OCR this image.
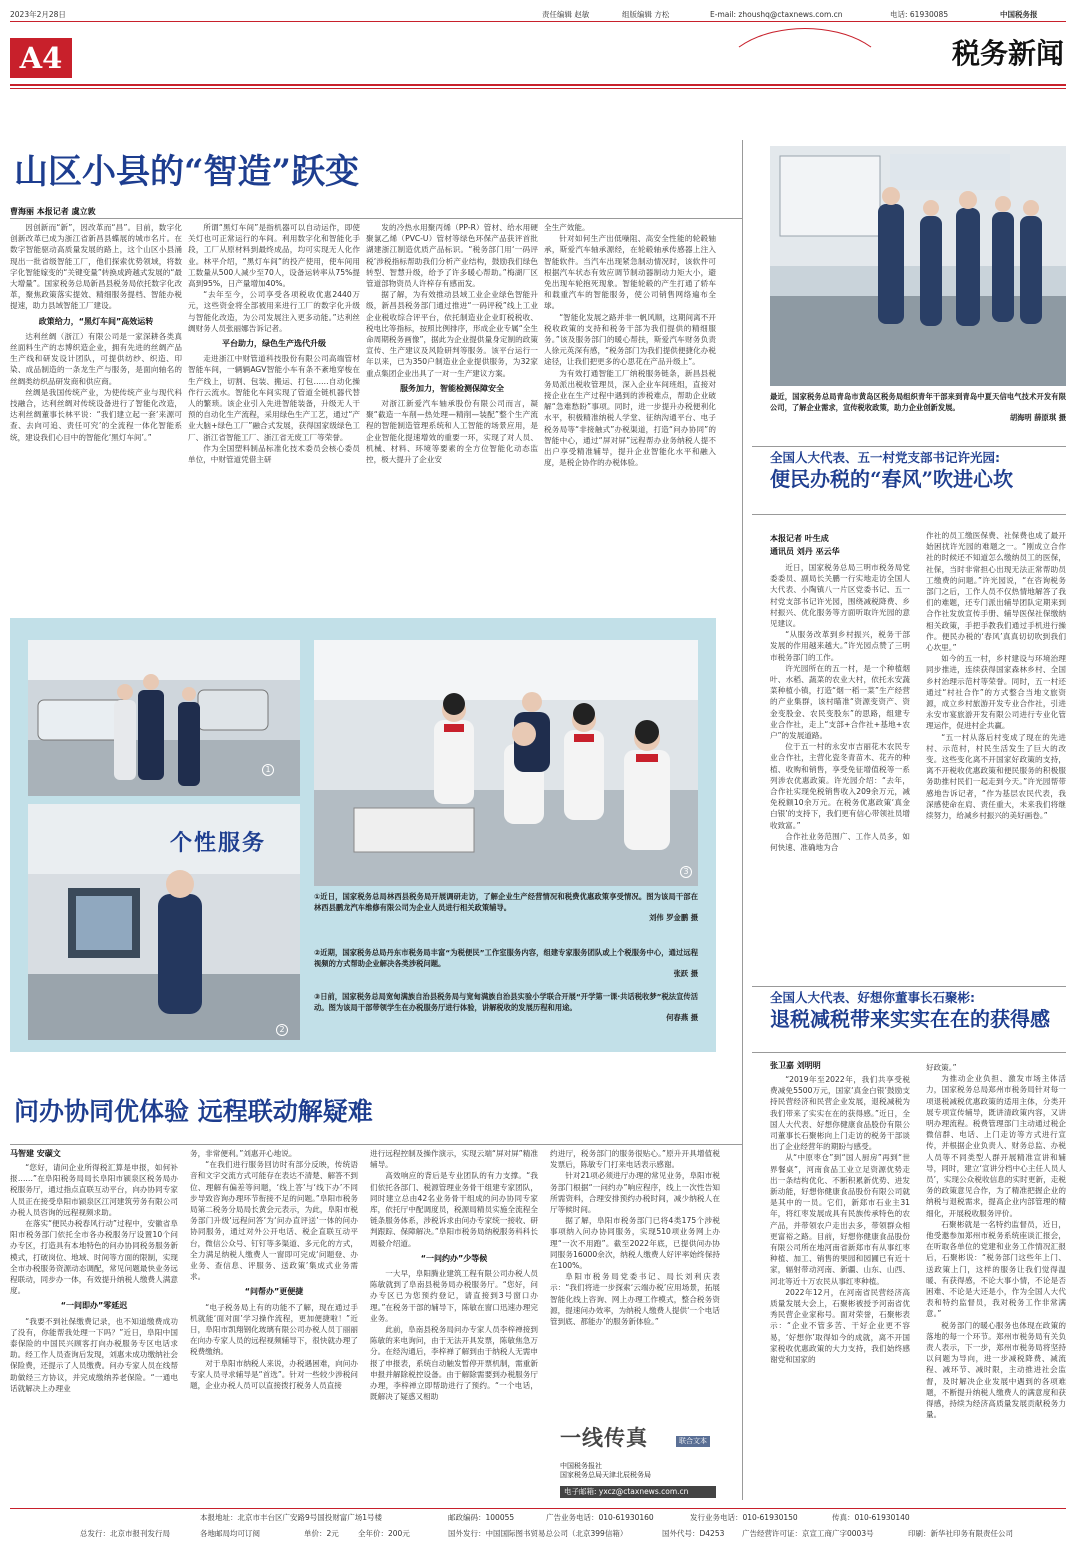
2023年2月28日	责任编辑 赵敏	组版编辑 方松	E-mail: zhoushq@ctaxnews.com.cn	电话: 61930085	中国税务报
A4	税务新闻
山区小县的“智造”跃变
曹海丽 本报记者 虞立敦

因创新而“新”，因改革而“昌”。目前，数字化创新改革已成为浙江省新昌县蝶展的城市名片。在数字智能驱动高质量发展的路上，这个山区小县涌现出一批省级智能工厂，他们探索优势领域，将数字化智能嫁变的“关键变量”转换成跨越式发展的“最大增量”。国家税务总局新昌县税务局依托数字化改革，聚焦政策落实提效、精细服务提档、智能办税提速，助力县域智能工厂建设。

政策给力，“黑灯车间”高效运转

达利丝绸（浙江）有限公司是一家深耕各类真丝面料生产的志博织造企业，拥有先进的丝绸产品生产线和研发设计团队，可提供纺纱、织造、印染、成品制造的一条龙生产与服务，是面向轴名的丝绸类纺织品研发商和供应商。

丝绸是我国传统产业，为使传统产业与现代科技融合，达利丝绸对传统设备进行了智能化改造，达利丝绸董事长林平说：“我们建立起一套‘来源可查、去向可追、责任可究’的全流程一体化智能系统，建设我们心目中的智能化‘黑灯车间’。”

所谓“黑灯车间”是指机器可以自动运作，即使关灯也可正常运行的车间。利用数字化和智能化手段，工厂从原材料到最终成品，均可实现无人化作业。林平介绍，“黑灯车间”的投产使用，使车间用工数量从500人减少至70人，设备运转率从75%提高到95%，日产量增加40%。

“去年至今，公司享受各项税收优惠2440万元，这些资金将全部被用来进行工厂的数字化升级与智能化改造，为公司发展注入更多动能。”达利丝绸财务人员张丽娜告诉记者。

平台助力，绿色生产选代升级

走进浙江中财管道科技股份有限公司高端管材智能车间，一辆辆AGV智能小车有条不紊地穿梭在生产线上，切割、包装、搬运、打包……自动化操作行云流水。智能化车间实现了管道全链机器代替人的繁琐。该企业引入先进智能装备，升级无人干预的自动化生产流程，采用绿色生产工艺，通过“产业大脑+绿色工厂”融合式发展，获得国家级绿色工厂、浙江省智能工厂、浙江省无废工厂等荣誉。

作为全国塑料制品标准化技术委员会核心委员单位，中财管道凭借主研

发的冷热水用聚丙烯（PP-R）管材、给水用硬聚氯乙烯（PVC-U）管材等绿色环保产品获评首批湖建浙江制造优质产品标识。“税务部门用‘一码评税’涉税指标帮助我们分析产业结构，鼓励我们绿色转型、智慧升级，给予了许多暖心帮助。”梅湖厂区管道部物资员人许梓存有感而发。

据了解，为有效推动县域工业企业绿色智能升级，新昌县税务部门通过推进“一码评税”线上工业企业税收综合评平台，依托制造业企业盯税税收、税电比等指标，按照比例排序，形成企业专属“全生命周期税务画像”，据此为企业提供量身定制的政策宣传、生产建议及风险研判等服务。该平台运行一年以来，已为350户制造业企业提供服务，为32家重点集团企业出具了一对一生产建议方案。

服务加力，智能检测保障安全

对浙江新爱汽车轴承股份有限公司而言，凝聚“截造一车削—热处理—精削—装配”整个生产流程的智能制造管理系统和人工智能的场景应用，是企业智能化提速增效的重要一环，实现了对人员、机械、材料、环境等要素的全方位智能化动态监控，极大提升了企业安

全生产效能。

针对如何生产出低噪阻、高安全性能的轮毂轴承，斯爱汽车轴承源经，在轮毂轴承传感器上注入智能软件。当汽车出现紧急制动情况时，该软件可根据汽车状态有效应调节制动器制动力矩大小，避免出现车轮抱死现象。智能轮毂的产生打通了轿车和载重汽车的智能服务，使公司销售网络遍布全球。

“智能化发展之路并非一帆风顺，这期间离不开税收政策的支持和税务干部为我们提供的精细服务。”该及服务部门的暖心帮扶，斯爱汽车财务负责人徐元英深有感，“税务部门为我们提供便捷化办税途径，让我们把更多的心思花在产品升级上”。

为有效打通智能工厂纳税服务链条，新昌县税务局派出税收管理员，深入企业车间班组，直接对接企业在生产过程中遇到的涉税难点，帮助企业破解“急难愁盼”事项。同时，进一步提升办税便利化水平，积极精准纳税人学堂、征纳沟通平台、电子税务局等“非接触式”办税渠道，打造“问办协同”的智能中心，通过“屏对屏”远程帮办业务纳税人提不出户享受精准辅导，提升企业智能化水平和融入度，是税企协作的办税体验。

最近，国家税务总局青岛市黄岛区税务局组织青年干部来到青岛中夏天信电气技术开发有限公司，了解企业需求，宣传税收政策，助力企业创新发展。
胡海明 薛原琪 摄
全国人大代表、五一村党支部书记许光园:
便民办税的“春风”吹进心坎
本报记者 叶生成
通讯员 刘丹 巫云华

近日，国家税务总局三明市税务局党委委员、副局长关鹏一行实地走访全国人大代表、小陶镇八一片区党委书记、五一村党支部书记许光园，围绕减税降费、乡村振兴、优化服务等方面听取许光园的意见建议。

“从服务改革到乡村振兴，税务干部发展的作用越来越大。”许光园点赞了三明市税务部门的工作。

许光园所在的五一村，是一个种植烟叶、水稻、蔬菜的农业大村，依托永安蔬菜种植小镇，打造“烟一稻一菜”生产经营的产业集群，该村瞄准“资源变资产、资金变股金、农民变股东”的思路，组建专业合作社，走上“支部+合作社+基地+农户”的发展道路。

位于五一村的永安市吉丽花木农民专业合作社，主营化瓷冬青苗木、花卉的种植、收购和销售，享受免征增值税等一系列涉农优惠政策。许光园介绍：“去年，合作社实现免税销售收入209余万元，减免税额10余万元。在税务优惠政策‘真金白银’的支持下，我们更有信心带领社员增收致富。”

合作社业务范围广、工作人员多，如何快速、准确地为合

作社的员工缴医保费、社保费也成了最开始困扰许光园的难题之一。“刚成立合作社的时候还不知道怎么缴纳员工的医保，社保，当时非常担心出现无法正常帮助员工缴费的问题。”许光园说，“在咨询税务部门之后，工作人员不仅热情地解答了我们的难题，还专门派出辅导团队定期来到合作社发放宣传手册、辅导医保社保缴纳相关政策，手把手教我们通过手机进行操作。便民办税的‘春风’真真切切吹到我们心坎里。”

如今的五一村，乡村建设与环境治理同步推进，连续获得国家森林乡村、全国乡村治理示范村等荣誉。同时，五一村还通过“村社合作”的方式整合当地文旅资源，成立乡村旅游开发专业合作社，引进永安市宴旅游开发有限公司进行专业化管理运作，促进村企共赢。

“五一村从落后村变成了现在的先进村、示范村，村民生活发生了巨大的改变。这些变化离不开国家好政策的支持，离不开税收优惠政策和便民服务的积极服务助推村民们一起走到今天。”许光园帮带感地告诉记者，“作为基层农民代表，我深感使命在肩、责任重大，未来我们将继续努力，给减乡村振兴的美好画卷。”

全国人大代表、好想你董事长石聚彬:
退税减税带来实实在在的获得感
张卫嘉 刘明明

“2019年至2022年，我们共享受税费减免5500万元，国家‘真金白银’鼓励支持民营经济和民营企业发展，退税减税为我们带来了实实在在的获得感。”近日，全国人大代表、好想你健康食品股份有限公司董事长石聚彬向上门走访的税务干部谈出了企业经营年的期盼与感受。

从“中原枣仓”到“国人厨房”再到“世界餐桌”，河南食品工业立足资源优势走出一条结构优化、不断积累新优势、进发新动能，好想你健康食品股份有限公司就是其中的一员。它们，新郑市石业主31年，将红枣发展成具有民族传承特色的农产品，并带领农户走出去多，带领群众相更富裕之路。目前，好想你健康食品股份有限公司所在地河南省新郑市有从事红枣种植、加工、销售的果园和园圃已有近十家，辐射带动河南、新疆、山东、山西、河北等近十万农民从事红枣种植。

2022年12月，在河南省民营经济高质量发展大会上，石聚彬被授予河南省优秀民营企业家称号。面对荣誉，石聚彬表示：“企业不管多苦、干好企业更不容易，‘好想你’取得如今的成就，离不开国家税收优惠政策的大力支持，我们始终感谢党和国家的

好政策。”

为推动企业负担、激发市场主体活力，国家税务总局郑州市税务局针对每一项退税减税优惠政策的适用主体，分类开展专项宣传辅导，既讲清政策内容，又讲明办理流程。税费管理部门主动通过税企微信群、电话、上门走访等方式进行宣传，并根据企业负责人、财务总监、办税人员等不同类型人群开展精准宣讲和辅导，同时，建立‘宣讲分档中心主任人员人员’，实现公众税收信息的实时更新，走税务的政策意见合作，为了精准把握企业的纳税与退税需求，提高企业内部管理的精细化，开展税收服务评价。

石聚彬就是一名特约监督员，近日，他受邀参加郑州市税务系统座谈汇报会，在听取各单位的党建和业务工作情况汇报后，石聚彬说：“税务部门这些年上门、送政策上门，这样的服务让我们觉得温暖、有获得感，不论大事小情，不论是否困难、不论是大还是小，作为全国人大代表和特约监督员，我对税务工作非常满意。”

税务部门的暖心服务也体现在政策的落地的每一个环节。郑州市税务局有关负责人表示，下一步，郑州市税务局将坚持以问题为导向，进一步减税降费、减流程、减环节、减时限，主动推进社会监督，及时解决企业发展中遇到的各项难题，不断提升纳税人缴费人的满意度和获得感，持续为经济高质量发展贡献税务力量。

1
个性服务
2
3
①近日，国家税务总局林西县税务局开展调研走访，了解企业生产经营情况和税费优惠政策享受情况。图为该局干部在林西县鹏龙汽车维修有限公司为企业人员进行相关政策辅导。
刘伟 罗金鹏 摄
②近期，国家税务总局丹东市税务局丰富“为税便民”工作室服务内容，组建专家服务团队或上个税服务中心，通过远程视频的方式帮助企业解决各类涉税问题。
张跃 摄
③日前，国家税务总局宽甸满族自治县税务局与宽甸满族自治县实验小学联合开展“开学第一课·共话税收梦”税法宣传活动。图为该局干部带领学生在办税服务厅进行体验，讲解税收的发展历程和用途。
何春燕 摄
问办协同优体验 远程联动解疑难
马智建 安碳文

“您好，请问企业所得税汇算是申报，如何补报……”在阜阳税务局局长阜阳市颍泉区税务局办税服务厅，通过指点直联互动平台，向办协同专家人员正在接受阜阳市颍泉区江河建筑劳务有限公司办税人员咨询的远程视频求助。

在落实“便民办税春风行动”过程中，安徽省阜阳市税务部门依托全市各办税服务厅设置10个问办专区，打造具有本地特色的问办协同税务服务新模式，打破岗位、地域、时间等方面的限制，实现全市办税服务资源动态调配，常见问题最快业务远程联动，同步办一体，有效提升纳税人缴费人满意度。

“一问即办”零延迟

“我要不到社保缴费记录，也不知道缴费成功了没有，你能帮我处理一下吗？”近日，阜阳中国泰保险的中国民兴顾客打向办税服务专区电话求助。经工作人员查询后发现，刘惠未成功缴纳社会保险费，还提示了人员缴费。问办专家人员在线帮助做经三方协议，并完成缴纳养老保险。“一通电话就解决上办理业

务，非常便利。”刘惠开心地说。

“在我们进行服务回访时有部分反映，传统语音和文字交流方式可能存在表达不清楚、解答不到位、理解有偏差等问题，‘线上答’与‘线下办’不同步导致咨询办理环节衔接不足的问题。”阜阳市税务局第二税务分局局长黄会元表示，为此，阜阳市税务部门升级‘远程问答’为‘问办直评送’一体的问办协同服务，通过对外公开电话、税企直联互动平台，微信公众号、钉钉等多渠道、多元化的方式，全力满足纳税人缴费人一窗即可完成‘问题登、办业务、查信息、评服务、送政策’集成式业务需求。

“问帮办”更便捷

“电子税务局上有的功能不了解，现在通过手机就能‘面对面’学习操作流程，更加便捷啦！”近日，阜阳市凯翔钢化玻璃有限公司办税人员丁丽丽在向办专家人员的远程视频辅导下，很快就办理了税费缴纳。

对于阜阳市纳税人来说，办税遇困难，向问办专家人员寻求辅导是“首选”。针对一些较少涉税问题，企业办税人员可以直接拨打税务人员直接

进行远程控制及操作演示，实现云端“屏对屏”精准辅导。

高效响应的背后是专业团队的有力支撑。“我们依托各部门、税源管理业务骨干组建专家团队，同时建立总由42名业务骨干组成的问办协同专家库，依托厅中配调度员，税源局精员实施全流程全链条服务体系，涉税诉求由问办专家统一接收、研判跟踪、保障解决。”阜阳市税务局纳税服务科科长周毅介绍道。

“一问约办”少等候

一大早，阜阳腾业建筑工程有限公司办税人员陈敏就到了阜南县税务局办税服务厅。“您好，问办专区已为您预约登记，请直接到3号窗口办理。”在税务干部的辅导下，陈敏在窗口迅速办理完业务。

此前，阜南县税务局问办专家人员李梓禅接到陈敏的来电询问，由于无法开具发票，陈敏焦急万分。在经沟通后，李梓禅了解到由于纳税人无需申报了申报表，系统自动触发暂停开票机制，需重新申报并解除税控设备。由于解除需要到办税服务厅办理，李梓禅立即帮助进行了预约。“一个电话，既解决了疑惑又相助

约进厅，税务部门的服务很贴心。”原升开具增值税发票后，陈敏专门打来电话表示感谢。

针对21项必须进厅办理的常见业务，阜阳市税务部门根据“一问约办”响应程序，线上一次性告知所需资料，合理安排预约办税时间，减少纳税人在厅等候时间。

据了解，阜阳市税务部门已将4类175个涉税事项纳入问办协同服务，实现510项业务网上办理“一次不用跑”。截至2022年底，已提供问办协同服务16000余次，纳税人缴费人好评率始终保持在100%。

阜阳市税务局党委书记、局长刘利庆表示：“我们将进一步探索‘云端办税’应用场景，拓展智能化线上咨询、网上办理工作模式，整合税务资源，提速问办效率，为纳税人缴费人提供‘一个电话管到底、都能办’的服务新体验。”

一线传真	联合文本
中国税务报社
国家税务总局天津北辰税务局
电子邮箱: yxcz@ctaxnews.com.cn
本报地址：北京市丰台区广安路9号国投财富广场1号楼	邮政编码：100055	广告业务电话：010-61930160	发行业务电话：010-61930150	传真：010-61930140
总发行：北京市报刊发行局	各地邮局均可订阅	单价：2元	全年价：200元	国外发行：中国国际图书贸易总公司（北京399信箱）	国外代号：D4253 广告经营许可证：京宣工商广字0003号	印刷：新华社印务有限责任公司
